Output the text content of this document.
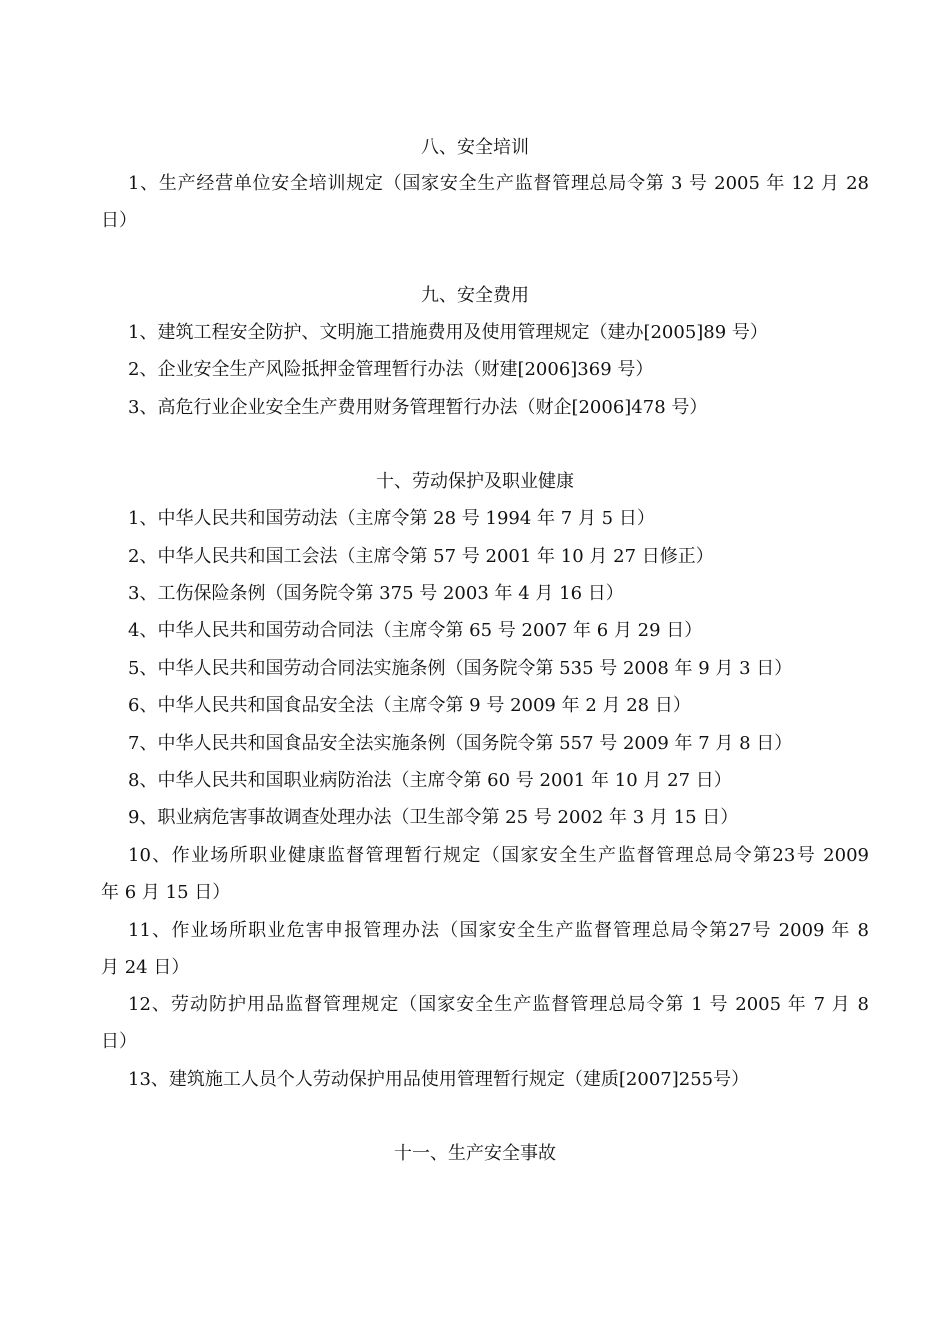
八、安全培训
1、生产经营单位安全培训规定（国家安全生产监督管理总局令第 3 号 2005 年 12 月 28
日）
九、安全费用
1、建筑工程安全防护、文明施工措施费用及使用管理规定（建办[2005]89 号）
2、企业安全生产风险抵押金管理暂行办法（财建[2006]369 号）
3、高危行业企业安全生产费用财务管理暂行办法（财企[2006]478 号）
十、劳动保护及职业健康
1、中华人民共和国劳动法（主席令第 28 号 1994 年 7 月 5 日）
2、中华人民共和国工会法（主席令第 57 号 2001 年 10 月 27 日修正）
3、工伤保险条例（国务院令第 375 号 2003 年 4 月 16 日）
4、中华人民共和国劳动合同法（主席令第 65 号 2007 年 6 月 29 日）
5、中华人民共和国劳动合同法实施条例（国务院令第 535 号 2008 年 9 月 3 日）
6、中华人民共和国食品安全法（主席令第 9 号 2009 年 2 月 28 日）
7、中华人民共和国食品安全法实施条例（国务院令第 557 号 2009 年 7 月 8 日）
8、中华人民共和国职业病防治法（主席令第 60 号 2001 年 10 月 27 日）
9、职业病危害事故调查处理办法（卫生部令第 25 号 2002 年 3 月 15 日）
10、作业场所职业健康监督管理暂行规定（国家安全生产监督管理总局令第23号 2009
年 6 月 15 日）
11、作业场所职业危害申报管理办法（国家安全生产监督管理总局令第27号 2009 年 8
月 24 日）
12、劳动防护用品监督管理规定（国家安全生产监督管理总局令第 1 号 2005 年 7 月 8
日）
13、建筑施工人员个人劳动保护用品使用管理暂行规定（建质[2007]255号）
十一、生产安全事故
